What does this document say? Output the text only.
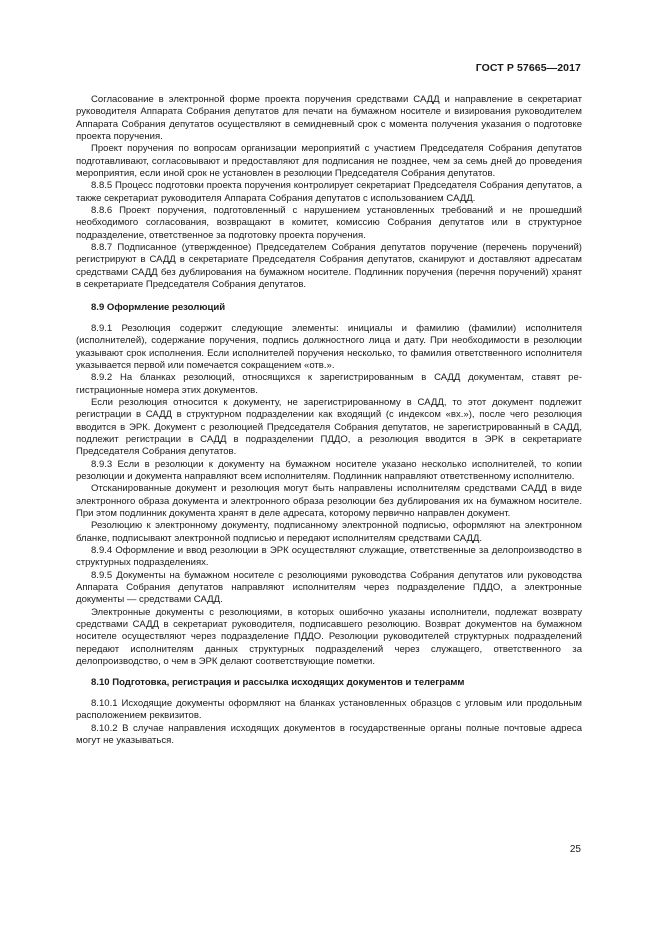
ГОСТ Р 57665—2017

Согласование в электронной форме проекта поручения средствами САДД и направление в секретариат руководителя Аппарата Собрания депутатов для печати на бумажном носителе и визирования руководителем Аппарата Собрания депутатов осуществляют в семидневный срок с момента получения указания о подготовке проекта поручения.

Проект поручения по вопросам организации мероприятий с участием Председателя Собрания депутатов подготавливают, согласовывают и предоставляют для подписания не позднее, чем за семь дней до проведения мероприятия, если иной срок не установлен в резолюции Председателя Собрания депутатов.

8.8.5 Процесс подготовки проекта поручения контролирует секретариат Председателя Собрания депутатов, а также секретариат руководителя Аппарата Собрания депутатов с использованием САДД.

8.8.6 Проект поручения, подготовленный с нарушением установленных требований и не прошедший необходимого согласования, возвращают в комитет, комиссию Собрания депутатов или в структурное подразделение, ответственное за подготовку проекта поручения.

8.8.7 Подписанное (утвержденное) Председателем Собрания депутатов поручение (перечень поручений) регистрируют в САДД в секретариате Председателя Собрания депутатов, сканируют и доставляют адресатам средствами САДД без дублирования на бумажном носителе. Подлинник поручения (перечня поручений) хранят в секретариате Председателя Собрания депутатов.

8.9 Оформление резолюций

8.9.1 Резолюция содержит следующие элементы: инициалы и фамилию (фамилии) исполнителя (исполнителей), содержание поручения, подпись должностного лица и дату. При необходимости в резолюции указывают срок исполнения. Если исполнителей поручения несколько, то фамилия ответственного исполнителя указывается первой или помечается сокращением «отв.».

8.9.2 На бланках резолюций, относящихся к зарегистрированным в САДД документам, ставят регистрационные номера этих документов.

Если резолюция относится к документу, не зарегистрированному в САДД, то этот документ подлежит регистрации в САДД в структурном подразделении как входящий (с индексом «вх.»), после чего резолюция вводится в ЭРК. Документ с резолюцией Председателя Собрания депутатов, не зарегистрированный в САДД, подлежит регистрации в САДД в подразделении ПДДО, а резолюция вводится в ЭРК в секретариате Председателя Собрания депутатов.

8.9.3 Если в резолюции к документу на бумажном носителе указано несколько исполнителей, то копии резолюции и документа направляют всем исполнителям. Подлинник направляют ответственному исполнителю.

Отсканированные документ и резолюция могут быть направлены исполнителям средствами САДД в виде электронного образа документа и электронного образа резолюции без дублирования их на бумажном носителе. При этом подлинник документа хранят в деле адресата, которому первично направлен документ.

Резолюцию к электронному документу, подписанному электронной подписью, оформляют на электронном бланке, подписывают электронной подписью и передают исполнителям средствами САДД.

8.9.4 Оформление и ввод резолюции в ЭРК осуществляют служащие, ответственные за делопроизводство в структурных подразделениях.

8.9.5 Документы на бумажном носителе с резолюциями руководства Собрания депутатов или руководства Аппарата Собрания депутатов направляют исполнителям через подразделение ПДДО, а электронные документы — средствами САДД.

Электронные документы с резолюциями, в которых ошибочно указаны исполнители, подлежат возврату средствами САДД в секретариат руководителя, подписавшего резолюцию. Возврат документов на бумажном носителе осуществляют через подразделение ПДДО. Резолюции руководителей структурных подразделений передают исполнителям данных структурных подразделений через служащего, ответственного за делопроизводство, о чем в ЭРК делают соответствующие пометки.

8.10 Подготовка, регистрация и рассылка исходящих документов и телеграмм

8.10.1 Исходящие документы оформляют на бланках установленных образцов с угловым или продольным расположением реквизитов.

8.10.2 В случае направления исходящих документов в государственные органы полные почтовые адреса могут не указываться.

25
